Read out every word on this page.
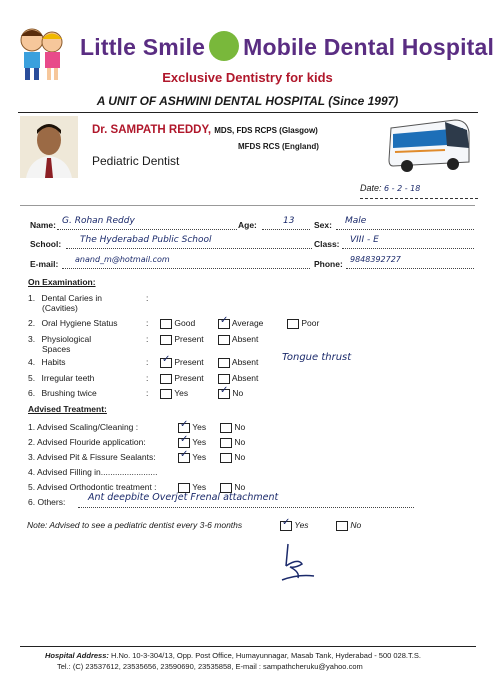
Little Smile Mobile Dental Hospital
Exclusive Dentistry for kids
A UNIT OF ASHWINI DENTAL HOSPITAL (Since 1997)
Dr. SAMPATH REDDY, MDS, FDS RCPS (Glasgow)
MFDS RCS (England)
Pediatric Dentist
Date: 6 - 2 - 18
Name: G. Rohan Reddy	Age:	13 Sex: Male
School: The Hyderabad Public School	Class: VIII - E
E-mail: anand_m@hotmail.com	Phone: 9848392727
On Examination:
1. Dental Caries in
(Cavities)
:
2. Oral Hygiene Status	:	Good ✓ Average	Poor
3. Physiological
Spaces
:	Present	Absent
4. Habits	: ✓ Present	Absent Tongue thrust
5. Irregular teeth	:	Present	Absent
6. Brushing twice	:	Yes	✓ No
Advised Treatment:
1. Advised Scaling/Cleaning :	✓ Yes	No
2. Advised Flouride application:	✓ Yes	No
3. Advised Pit & Fissure Sealants: ✓ Yes	No
4. Advised Filling in........................
5. Advised Orthodontic treatment :	Yes	No
6. Others: Ant deepbite Overjet Frenal attachment
Note: Advised to see a pediatric dentist every 3-6 months	✓ Yes	No
Hospital Address: H.No. 10-3-304/13, Opp. Post Office, Humayunnagar, Masab Tank, Hyderabad - 500 028.T.S.
Tel.: (C) 23537612, 23535656, 23590690, 23535858, E-mail : sampathcheruku@yahoo.com
